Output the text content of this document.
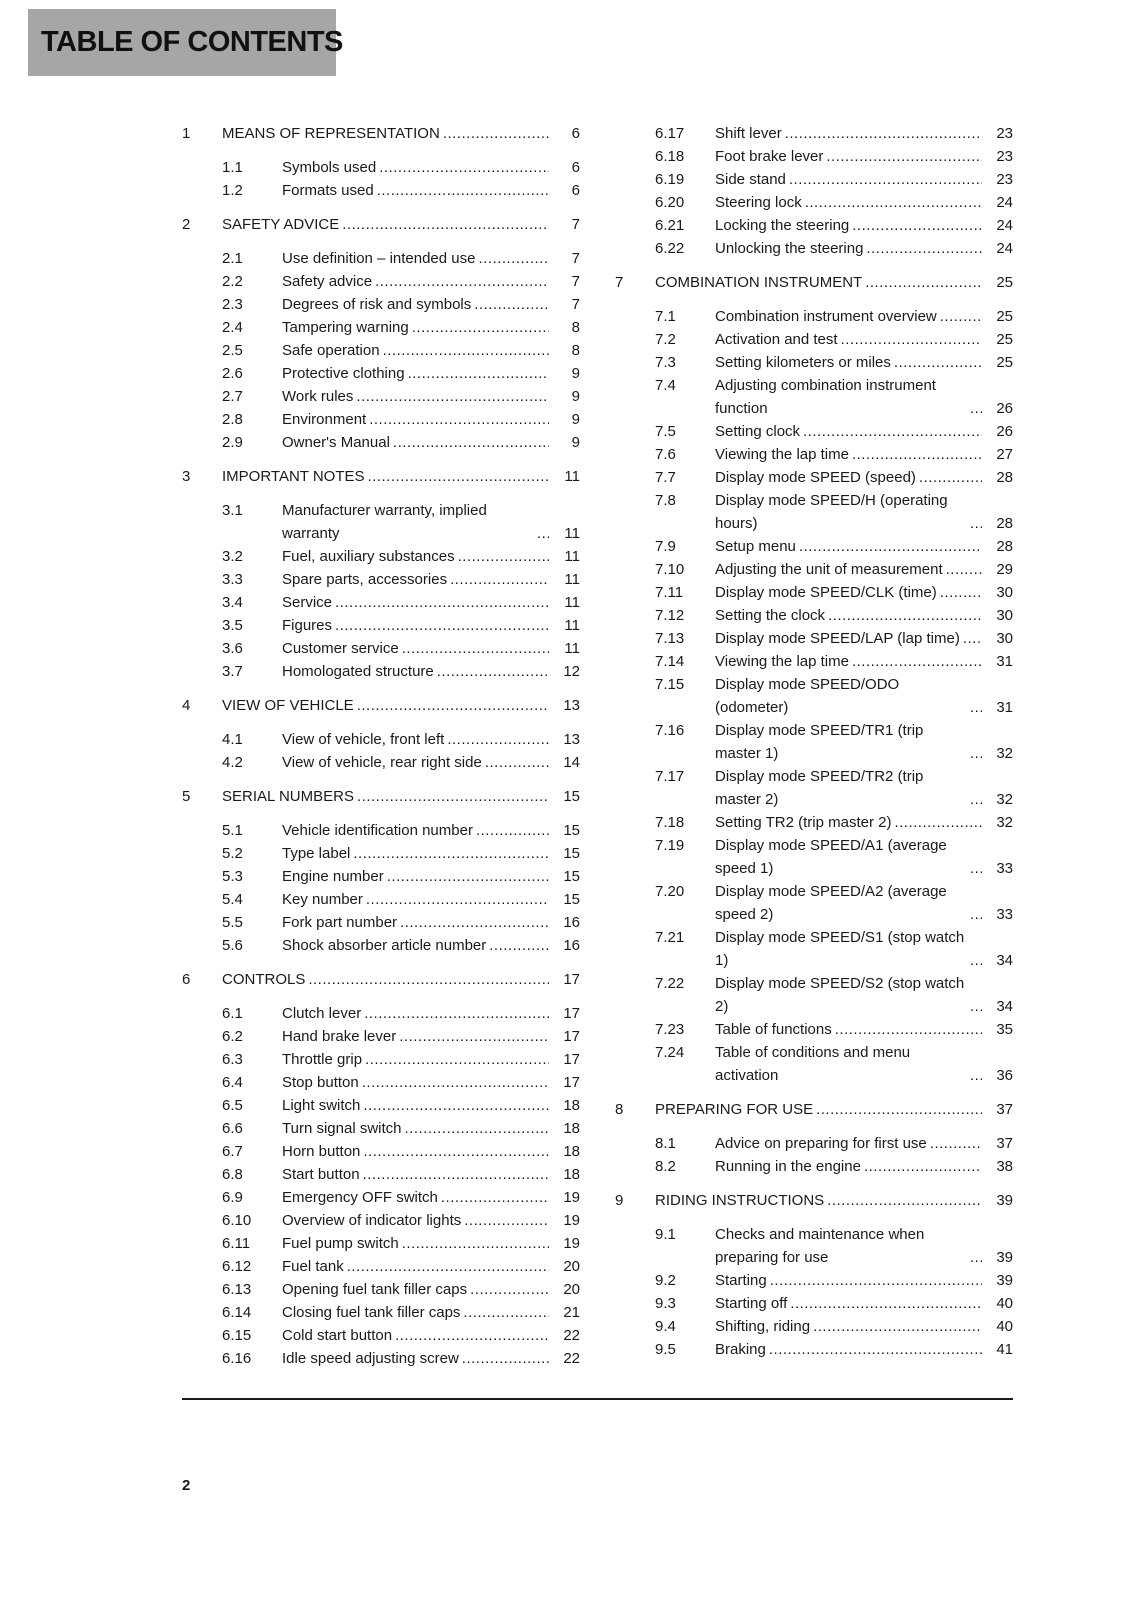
TABLE OF CONTENTS
1	MEANS OF REPRESENTATION .....	6
1.1	Symbols used .....	6
1.2	Formats used .....	6
2	SAFETY ADVICE .....	7
2.1	Use definition – intended use .....	7
2.2	Safety advice .....	7
2.3	Degrees of risk and symbols .....	7
2.4	Tampering warning .....	8
2.5	Safe operation .....	8
2.6	Protective clothing .....	9
2.7	Work rules .....	9
2.8	Environment .....	9
2.9	Owner's Manual .....	9
3	IMPORTANT NOTES .....	11
3.1	Manufacturer warranty, implied warranty .....	11
3.2	Fuel, auxiliary substances .....	11
3.3	Spare parts, accessories .....	11
3.4	Service .....	11
3.5	Figures .....	11
3.6	Customer service .....	11
3.7	Homologated structure .....	12
4	VIEW OF VEHICLE .....	13
4.1	View of vehicle, front left .....	13
4.2	View of vehicle, rear right side .....	14
5	SERIAL NUMBERS .....	15
5.1	Vehicle identification number .....	15
5.2	Type label .....	15
5.3	Engine number .....	15
5.4	Key number .....	15
5.5	Fork part number .....	16
5.6	Shock absorber article number .....	16
6	CONTROLS .....	17
6.1	Clutch lever .....	17
6.2	Hand brake lever .....	17
6.3	Throttle grip .....	17
6.4	Stop button .....	17
6.5	Light switch .....	18
6.6	Turn signal switch .....	18
6.7	Horn button .....	18
6.8	Start button .....	18
6.9	Emergency OFF switch .....	19
6.10	Overview of indicator lights .....	19
6.11	Fuel pump switch .....	19
6.12	Fuel tank .....	20
6.13	Opening fuel tank filler caps .....	20
6.14	Closing fuel tank filler caps .....	21
6.15	Cold start button .....	22
6.16	Idle speed adjusting screw .....	22
6.17	Shift lever .....	23
6.18	Foot brake lever .....	23
6.19	Side stand .....	23
6.20	Steering lock .....	24
6.21	Locking the steering .....	24
6.22	Unlocking the steering .....	24
7	COMBINATION INSTRUMENT .....	25
7.1	Combination instrument overview .....	25
7.2	Activation and test .....	25
7.3	Setting kilometers or miles .....	25
7.4	Adjusting combination instrument function .....	26
7.5	Setting clock .....	26
7.6	Viewing the lap time .....	27
7.7	Display mode SPEED (speed) .....	28
7.8	Display mode SPEED/H (operating hours) .....	28
7.9	Setup menu .....	28
7.10	Adjusting the unit of measurement .....	29
7.11	Display mode SPEED/CLK (time) .....	30
7.12	Setting the clock .....	30
7.13	Display mode SPEED/LAP (lap time) .....	30
7.14	Viewing the lap time .....	31
7.15	Display mode SPEED/ODO (odometer) .....	31
7.16	Display mode SPEED/TR1 (trip master 1) .....	32
7.17	Display mode SPEED/TR2 (trip master 2) .....	32
7.18	Setting TR2 (trip master 2) .....	32
7.19	Display mode SPEED/A1 (average speed 1) .....	33
7.20	Display mode SPEED/A2 (average speed 2) .....	33
7.21	Display mode SPEED/S1 (stop watch 1) .....	34
7.22	Display mode SPEED/S2 (stop watch 2) .....	34
7.23	Table of functions .....	35
7.24	Table of conditions and menu activation .....	36
8	PREPARING FOR USE .....	37
8.1	Advice on preparing for first use .....	37
8.2	Running in the engine .....	38
9	RIDING INSTRUCTIONS .....	39
9.1	Checks and maintenance when preparing for use .....	39
9.2	Starting .....	39
9.3	Starting off .....	40
9.4	Shifting, riding .....	40
9.5	Braking .....	41
2
